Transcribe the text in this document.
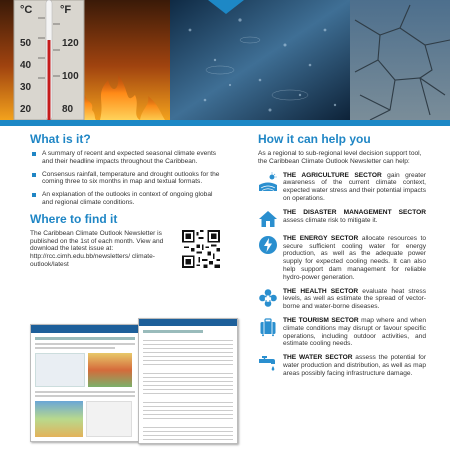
°C	°F
50
40
30
20
120
100
80
What is it?
A summary of recent and expected seasonal climate events and their headline impacts throughout the Caribbean.
Consensus rainfall, temperature and drought outlooks for the coming three to six months in map and textual formats.
An explanation of the outlooks in context of ongoing global and regional climate conditions.
Where to find it

The Caribbean Climate Outlook Newsletter is published on the 1st of each month. View and download the latest issue at: http://rcc.cimh.edu.bb/newsletters/ climate-outlook/latest

How it can help you

As a regional to sub-regional level decision support tool, the Caribbean Climate Outlook Newsletter can help:

THE AGRICULTURE SECTOR gain greater awareness of the current climate context, expected water stress and their potential impacts on operations.

THE DISASTER MANAGEMENT SECTOR assess climate risk to mitigate it.

THE ENERGY SECTOR allocate resources to secure sufficient cooling water for energy production, as well as the adequate power supply for expected cooling needs. It can also help support dam management for reliable hydro-power generation.

THE HEALTH SECTOR evaluate heat stress levels, as well as estimate the spread of vector-borne and water-borne diseases.

THE TOURISM SECTOR map where and when climate conditions may disrupt or favour specific operations, including outdoor activities, and estimate cooling needs.

THE WATER SECTOR assess the potential for water production and distribution, as well as map areas possibly facing infrastructure damage.
